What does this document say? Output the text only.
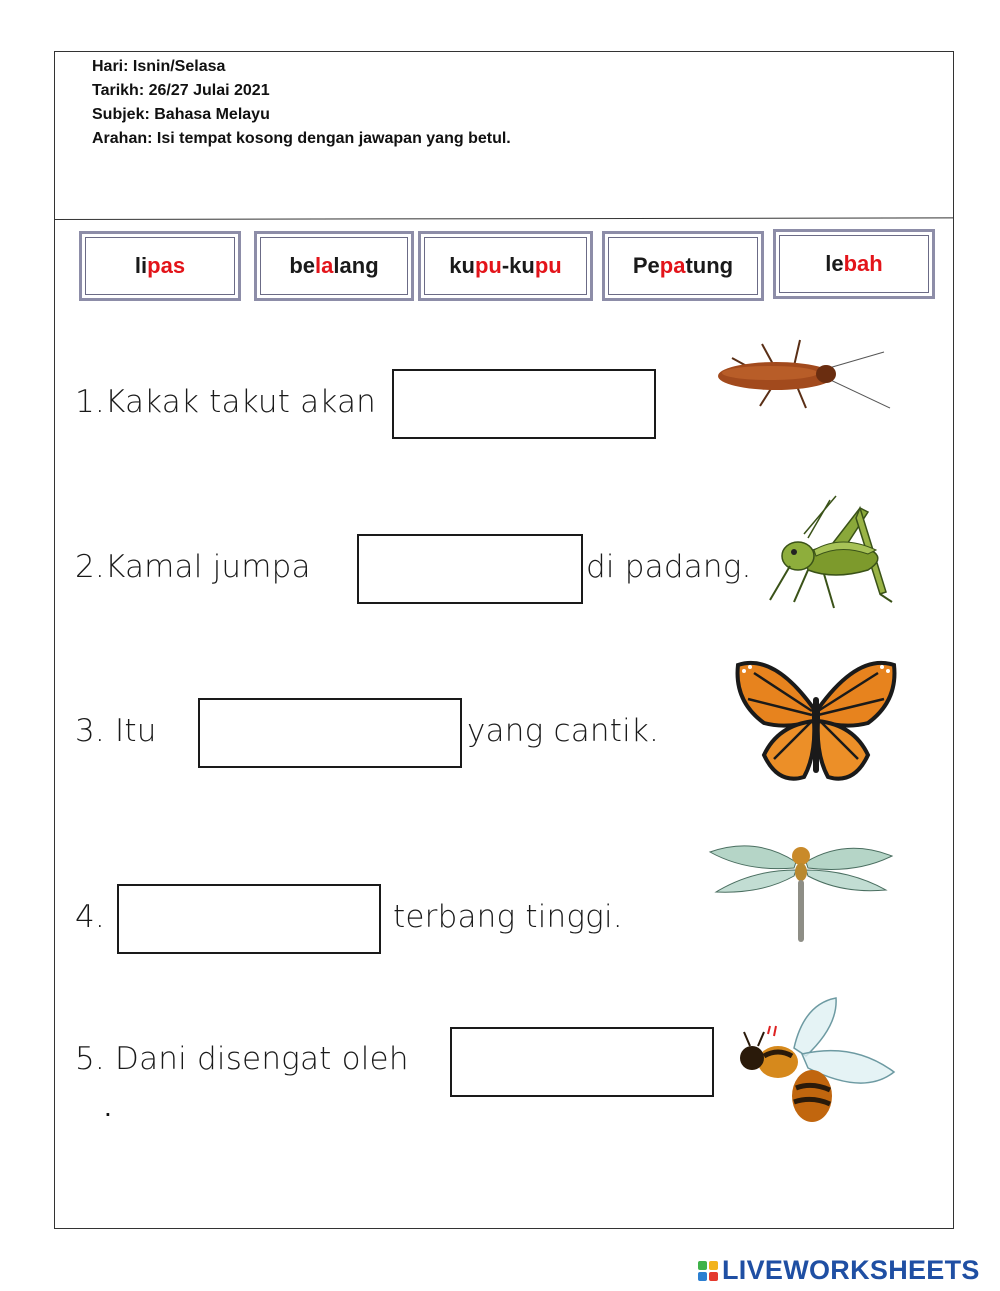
Hari: Isnin/Selasa
Tarikh: 26/27 Julai 2021
Subjek: Bahasa Melayu
Arahan: Isi tempat kosong dengan jawapan yang betul.
li pas	be la lang	ku pu -ku pu	Pe pa tung	le bah
1.Kakak takut akan
2.Kamal jumpa	di padang.
3. Itu	yang cantik.
4.	terbang tinggi.
5. Dani disengat oleh
.
LIVEWORKSHEETS
